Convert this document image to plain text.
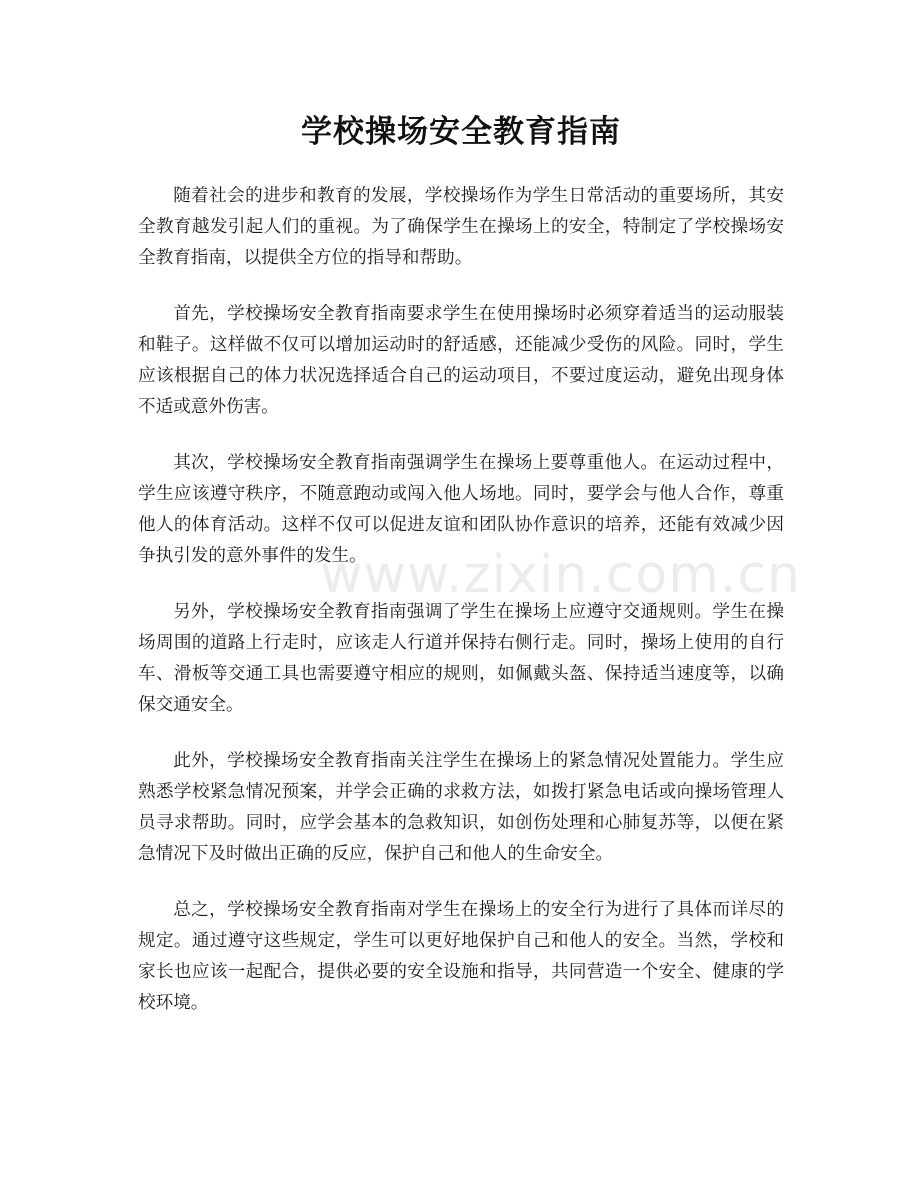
学校操场安全教育指南

随着社会的进步和教育的发展，学校操场作为学生日常活动的重要场所，其安全教育越发引起人们的重视。为了确保学生在操场上的安全，特制定了学校操场安全教育指南，以提供全方位的指导和帮助。

首先，学校操场安全教育指南要求学生在使用操场时必须穿着适当的运动服装和鞋子。这样做不仅可以增加运动时的舒适感，还能减少受伤的风险。同时，学生应该根据自己的体力状况选择适合自己的运动项目，不要过度运动，避免出现身体不适或意外伤害。

其次，学校操场安全教育指南强调学生在操场上要尊重他人。在运动过程中，学生应该遵守秩序，不随意跑动或闯入他人场地。同时，要学会与他人合作，尊重他人的体育活动。这样不仅可以促进友谊和团队协作意识的培养，还能有效减少因争执引发的意外事件的发生。

另外，学校操场安全教育指南强调了学生在操场上应遵守交通规则。学生在操场周围的道路上行走时，应该走人行道并保持右侧行走。同时，操场上使用的自行车、滑板等交通工具也需要遵守相应的规则，如佩戴头盔、保持适当速度等，以确保交通安全。

此外，学校操场安全教育指南关注学生在操场上的紧急情况处置能力。学生应熟悉学校紧急情况预案，并学会正确的求救方法，如拨打紧急电话或向操场管理人员寻求帮助。同时，应学会基本的急救知识，如创伤处理和心肺复苏等，以便在紧急情况下及时做出正确的反应，保护自己和他人的生命安全。

总之，学校操场安全教育指南对学生在操场上的安全行为进行了具体而详尽的规定。通过遵守这些规定，学生可以更好地保护自己和他人的安全。当然，学校和家长也应该一起配合，提供必要的安全设施和指导，共同营造一个安全、健康的学校环境。

www.zixin.com.cn
